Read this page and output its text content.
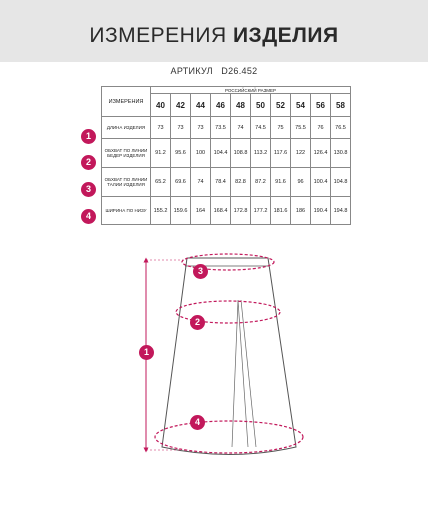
ИЗМЕРЕНИЯ ИЗДЕЛИЯ
АРТИКУЛ D26.452
ИЗМЕРЕНИЯ	РОССИЙСКИЙ РАЗМЕР									
	40	42	44	46	48	50	52	54	56	58
ДЛИНА ИЗДЕЛИЯ	73	73	73	73.5	74	74.5	75	75.5	76	76.5
ОБХВАТ ПО ЛИНИИ БЕДЕР ИЗДЕЛИЯ	91.2	95.6	100	104.4	108.8	113.2	117.6	122	126.4	130.8
ОБХВАТ ПО ЛИНИИ ТАЛИИ ИЗДЕЛИЯ	65.2	69.6	74	78.4	82.8	87.2	91.6	96	100.4	104.8
ШИРИНА ПО НИЗУ	155.2	159.6	164	168.4	172.8	177.2	181.6	186	190.4	194.8
1
2
3
4
1
2
3
4
